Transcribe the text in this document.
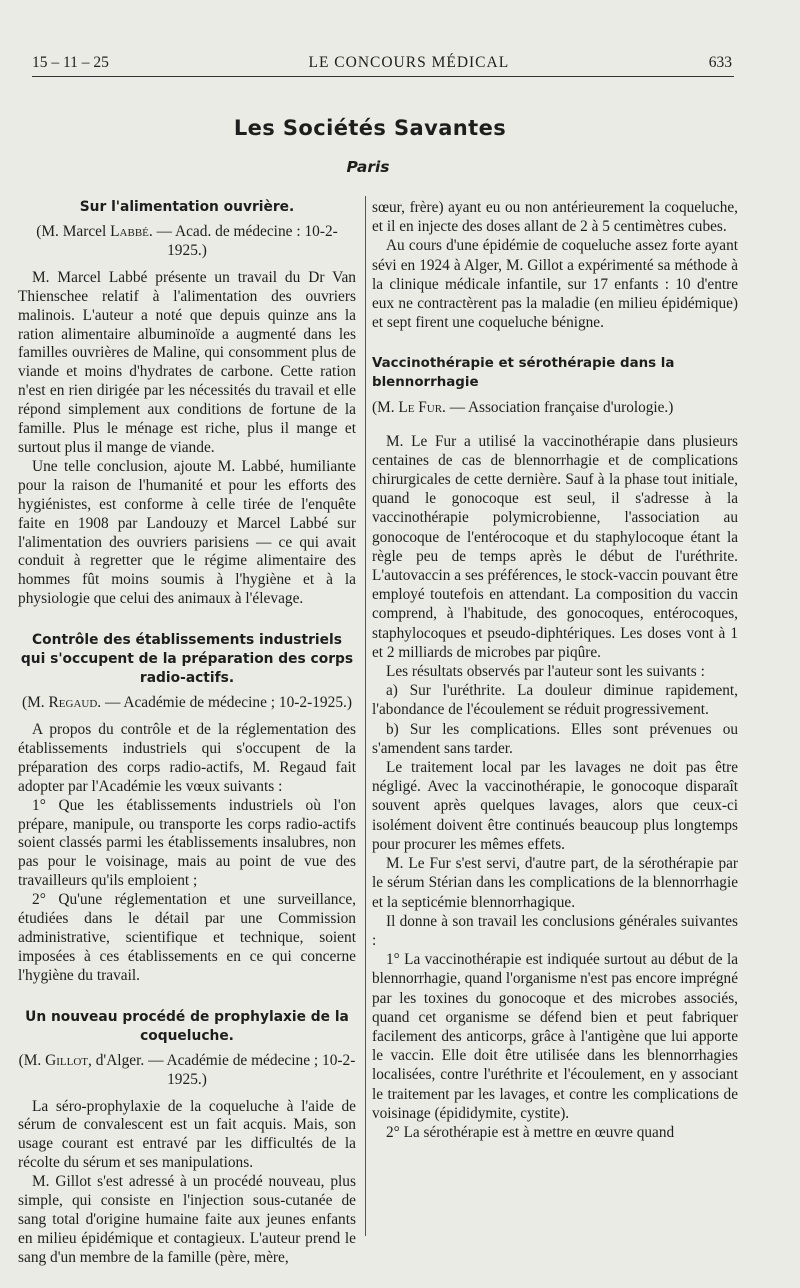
15 – 11 – 25	LE CONCOURS MÉDICAL	633
Les Sociétés Savantes
Paris
Sur l'alimentation ouvrière.

(M. Marcel Labbé. — Acad. de médecine : 10-2-1925.)

M. Marcel Labbé présente un travail du Dr Van Thienschee relatif à l'alimentation des ouvriers malinois. L'auteur a noté que depuis quinze ans la ration alimentaire albuminoïde a augmenté dans les familles ouvrières de Maline, qui consomment plus de viande et moins d'hydrates de carbone. Cette ration n'est en rien dirigée par les nécessités du travail et elle répond simplement aux conditions de fortune de la famille. Plus le ménage est riche, plus il mange et surtout plus il mange de viande.

Une telle conclusion, ajoute M. Labbé, humiliante pour la raison de l'humanité et pour les efforts des hygiénistes, est conforme à celle tirée de l'enquête faite en 1908 par Landouzy et Marcel Labbé sur l'alimentation des ouvriers parisiens — ce qui avait conduit à regretter que le régime alimentaire des hommes fût moins soumis à l'hygiène et à la physiologie que celui des animaux à l'élevage.

Contrôle des établissements industriels qui s'occupent de la préparation des corps radio-actifs.

(M. Regaud. — Académie de médecine ; 10-2-1925.)

A propos du contrôle et de la réglementation des établissements industriels qui s'occupent de la préparation des corps radio-actifs, M. Regaud fait adopter par l'Académie les vœux suivants :

1° Que les établissements industriels où l'on prépare, manipule, ou transporte les corps radio-actifs soient classés parmi les établissements insalubres, non pas pour le voisinage, mais au point de vue des travailleurs qu'ils emploient ;

2° Qu'une réglementation et une surveillance, étudiées dans le détail par une Commission administrative, scientifique et technique, soient imposées à ces établissements en ce qui concerne l'hygiène du travail.

Un nouveau procédé de prophylaxie de la coqueluche.

(M. Gillot, d'Alger. — Académie de médecine ; 10-2-1925.)

La séro-prophylaxie de la coqueluche à l'aide de sérum de convalescent est un fait acquis. Mais, son usage courant est entravé par les difficultés de la récolte du sérum et ses manipulations.

M. Gillot s'est adressé à un procédé nouveau, plus simple, qui consiste en l'injection sous-cutanée de sang total d'origine humaine faite aux jeunes enfants en milieu épidémique et contagieux. L'auteur prend le sang d'un membre de la famille (père, mère,

sœur, frère) ayant eu ou non antérieurement la coqueluche, et il en injecte des doses allant de 2 à 5 centimètres cubes.

Au cours d'une épidémie de coqueluche assez forte ayant sévi en 1924 à Alger, M. Gillot a expérimenté sa méthode à la clinique médicale infantile, sur 17 enfants : 10 d'entre eux ne contractèrent pas la maladie (en milieu épidémique) et sept firent une coqueluche bénigne.

Vaccinothérapie et sérothérapie dans la blennorrhagie

(M. Le Fur. — Association française d'urologie.)

M. Le Fur a utilisé la vaccinothérapie dans plusieurs centaines de cas de blennorrhagie et de complications chirurgicales de cette dernière. Sauf à la phase tout initiale, quand le gonocoque est seul, il s'adresse à la vaccinothérapie polymicrobienne, l'association au gonocoque de l'entérocoque et du staphylocoque étant la règle peu de temps après le début de l'uréthrite. L'autovaccin a ses préférences, le stock-vaccin pouvant être employé toutefois en attendant. La composition du vaccin comprend, à l'habitude, des gonocoques, entérocoques, staphylocoques et pseudo-diphtériques. Les doses vont à 1 et 2 milliards de microbes par piqûre.

Les résultats observés par l'auteur sont les suivants :

a) Sur l'uréthrite. La douleur diminue rapidement, l'abondance de l'écoulement se réduit progressivement.

b) Sur les complications. Elles sont prévenues ou s'amendent sans tarder.

Le traitement local par les lavages ne doit pas être négligé. Avec la vaccinothérapie, le gonocoque disparaît souvent après quelques lavages, alors que ceux-ci isolément doivent être continués beaucoup plus longtemps pour procurer les mêmes effets.

M. Le Fur s'est servi, d'autre part, de la sérothérapie par le sérum Stérian dans les complications de la blennorrhagie et la septicémie blennorrhagique.

Il donne à son travail les conclusions générales suivantes :

1° La vaccinothérapie est indiquée surtout au début de la blennorrhagie, quand l'organisme n'est pas encore imprégné par les toxines du gonocoque et des microbes associés, quand cet organisme se défend bien et peut fabriquer facilement des anticorps, grâce à l'antigène que lui apporte le vaccin. Elle doit être utilisée dans les blennorrhagies localisées, contre l'uréthrite et l'écoulement, en y associant le traitement par les lavages, et contre les complications de voisinage (épididymite, cystite).

2° La sérothérapie est à mettre en œuvre quand
